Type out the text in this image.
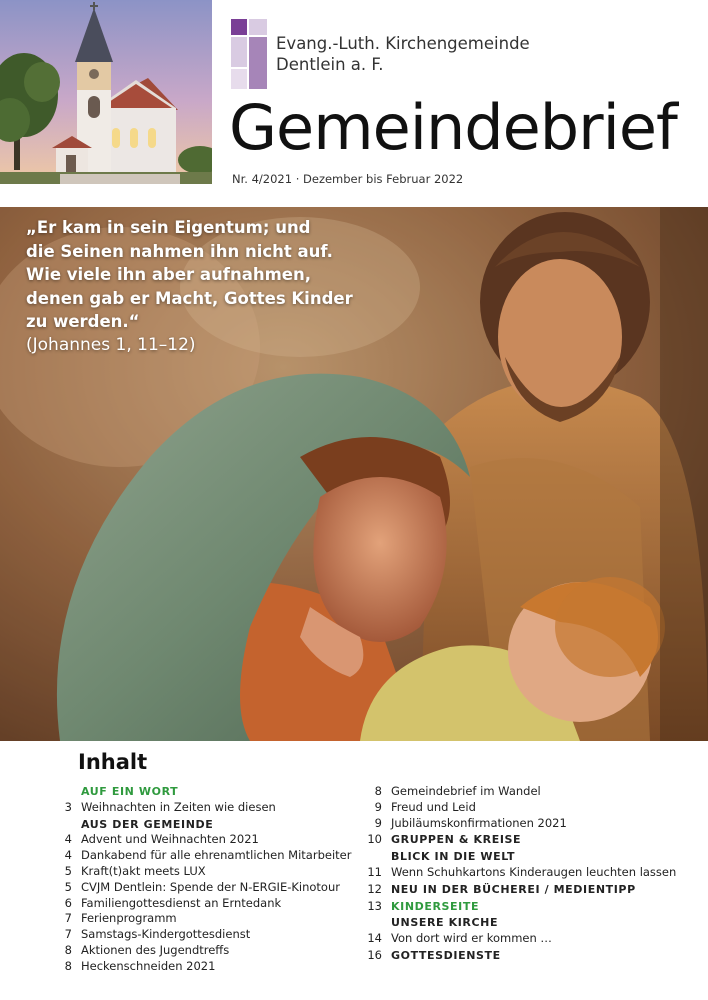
Evang.-Luth. Kirchengemeinde
Dentlein a. F.
Gemeindebrief
Nr. 4/2021 · Dezember bis Februar 2022
„Er kam in sein Eigentum; und
die Seinen nahmen ihn nicht auf.
Wie viele ihn aber aufnahmen,
denen gab er Macht, Gottes Kinder
zu werden.“
(Johannes 1, 11–12)
Inhalt
AUF EIN WORT
3 Weihnachten in Zeiten wie diesen
AUS DER GEMEINDE
4 Advent und Weihnachten 2021
4 Dankabend für alle ehrenamtlichen Mitarbeiter
5 Kraft(t)akt meets LUX
5 CVJM Dentlein: Spende der N-ERGIE-Kinotour
6 Familiengottesdienst an Erntedank
7 Ferienprogramm
7 Samstags-Kindergottesdienst
8 Aktionen des Jugendtreffs
8 Heckenschneiden 2021
8 Gemeindebrief im Wandel
9 Freud und Leid
9 Jubiläumskonfirmationen 2021
10 GRUPPEN & KREISE
BLICK IN DIE WELT
11 Wenn Schuhkartons Kinderaugen leuchten lassen
12 NEU IN DER BÜCHEREI / MEDIENTIPP
13 KINDERSEITE
UNSERE KIRCHE
14 Von dort wird er kommen …
16 GOTTESDIENSTE
